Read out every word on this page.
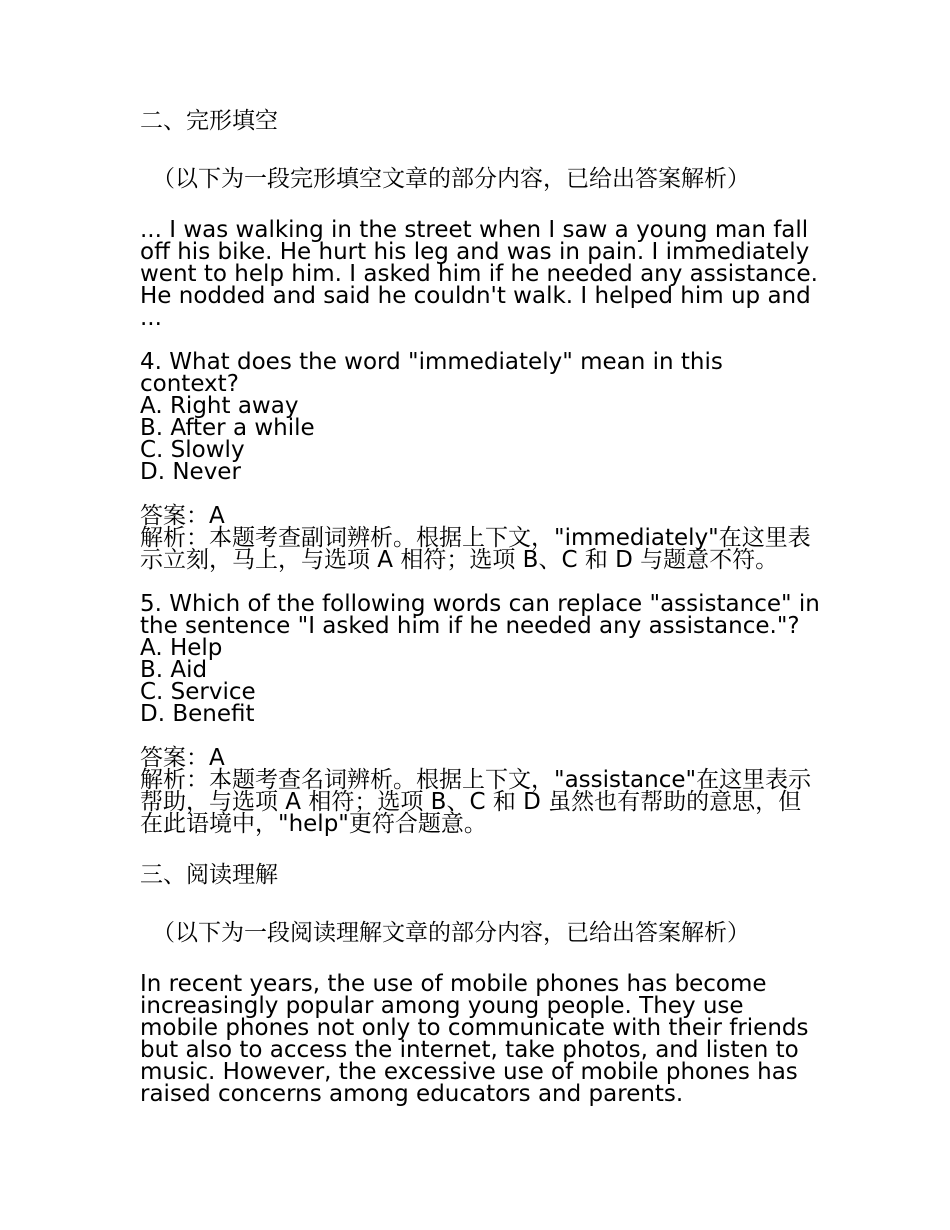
二、完形填空
（以下为一段完形填空文章的部分内容，已给出答案解析）
... I was walking in the street when I saw a young man fall off his bike. He hurt his leg and was in pain. I immediately went to help him. I asked him if he needed any assistance. He nodded and said he couldn't walk. I helped him up and ...
4. What does the word "immediately" mean in this context?
A. Right away
B. After a while
C. Slowly
D. Never
答案：A
解析：本题考查副词辨析。根据上下文，"immediately"在这里表示立刻，马上，与选项 A 相符；选项 B、C 和 D 与题意不符。
5. Which of the following words can replace "assistance" in the sentence "I asked him if he needed any assistance."?
A. Help
B. Aid
C. Service
D. Benefit
答案：A
解析：本题考查名词辨析。根据上下文，"assistance"在这里表示帮助，与选项 A 相符；选项 B、C 和 D 虽然也有帮助的意思，但在此语境中，"help"更符合题意。
三、阅读理解
（以下为一段阅读理解文章的部分内容，已给出答案解析）
In recent years, the use of mobile phones has become increasingly popular among young people. They use mobile phones not only to communicate with their friends but also to access the internet, take photos, and listen to music. However, the excessive use of mobile phones has raised concerns among educators and parents.
